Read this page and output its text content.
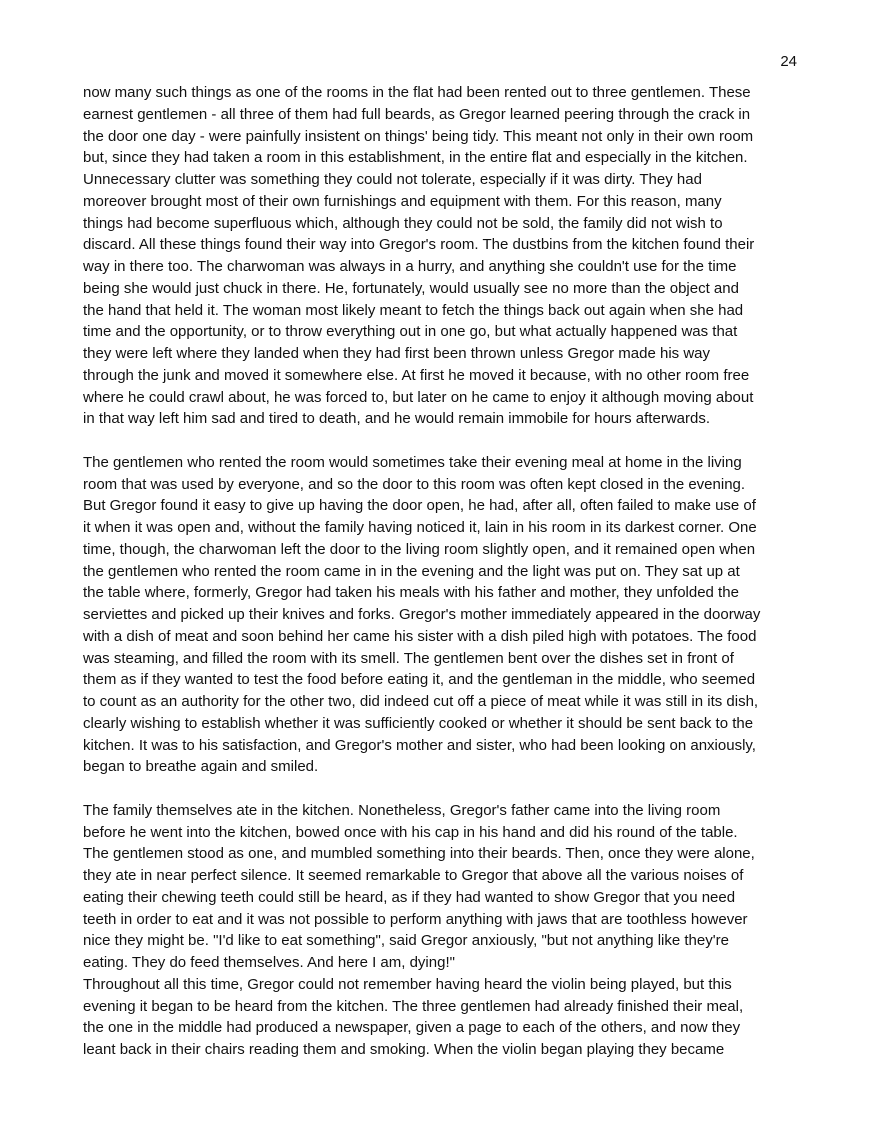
24

now many such things as one of the rooms in the flat had been rented out to three gentlemen. These
earnest gentlemen - all three of them had full beards, as Gregor learned peering through the crack in
the door one day - were painfully insistent on things' being tidy. This meant not only in their own room
but, since they had taken a room in this establishment, in the entire flat and especially in the kitchen.
Unnecessary clutter was something they could not tolerate, especially if it was dirty. They had
moreover brought most of their own furnishings and equipment with them. For this reason, many
things had become superfluous which, although they could not be sold, the family did not wish to
discard. All these things found their way into Gregor's room. The dustbins from the kitchen found their
way in there too. The charwoman was always in a hurry, and anything she couldn't use for the time
being she would just chuck in there. He, fortunately, would usually see no more than the object and
the hand that held it. The woman most likely meant to fetch the things back out again when she had
time and the opportunity, or to throw everything out in one go, but what actually happened was that
they were left where they landed when they had first been thrown unless Gregor made his way
through the junk and moved it somewhere else. At first he moved it because, with no other room free
where he could crawl about, he was forced to, but later on he came to enjoy it although moving about
in that way left him sad and tired to death, and he would remain immobile for hours afterwards.

The gentlemen who rented the room would sometimes take their evening meal at home in the living
room that was used by everyone, and so the door to this room was often kept closed in the evening.
But Gregor found it easy to give up having the door open, he had, after all, often failed to make use of
it when it was open and, without the family having noticed it, lain in his room in its darkest corner. One
time, though, the charwoman left the door to the living room slightly open, and it remained open when
the gentlemen who rented the room came in in the evening and the light was put on. They sat up at
the table where, formerly, Gregor had taken his meals with his father and mother, they unfolded the
serviettes and picked up their knives and forks. Gregor's mother immediately appeared in the doorway
with a dish of meat and soon behind her came his sister with a dish piled high with potatoes. The food
was steaming, and filled the room with its smell. The gentlemen bent over the dishes set in front of
them as if they wanted to test the food before eating it, and the gentleman in the middle, who seemed
to count as an authority for the other two, did indeed cut off a piece of meat while it was still in its dish,
clearly wishing to establish whether it was sufficiently cooked or whether it should be sent back to the
kitchen. It was to his satisfaction, and Gregor's mother and sister, who had been looking on anxiously,
began to breathe again and smiled.

The family themselves ate in the kitchen. Nonetheless, Gregor's father came into the living room
before he went into the kitchen, bowed once with his cap in his hand and did his round of the table.
The gentlemen stood as one, and mumbled something into their beards. Then, once they were alone,
they ate in near perfect silence. It seemed remarkable to Gregor that above all the various noises of
eating their chewing teeth could still be heard, as if they had wanted to show Gregor that you need
teeth in order to eat and it was not possible to perform anything with jaws that are toothless however
nice they might be. "I'd like to eat something", said Gregor anxiously, "but not anything like they're
eating. They do feed themselves. And here I am, dying!"

Throughout all this time, Gregor could not remember having heard the violin being played, but this
evening it began to be heard from the kitchen. The three gentlemen had already finished their meal,
the one in the middle had produced a newspaper, given a page to each of the others, and now they
leant back in their chairs reading them and smoking. When the violin began playing they became
